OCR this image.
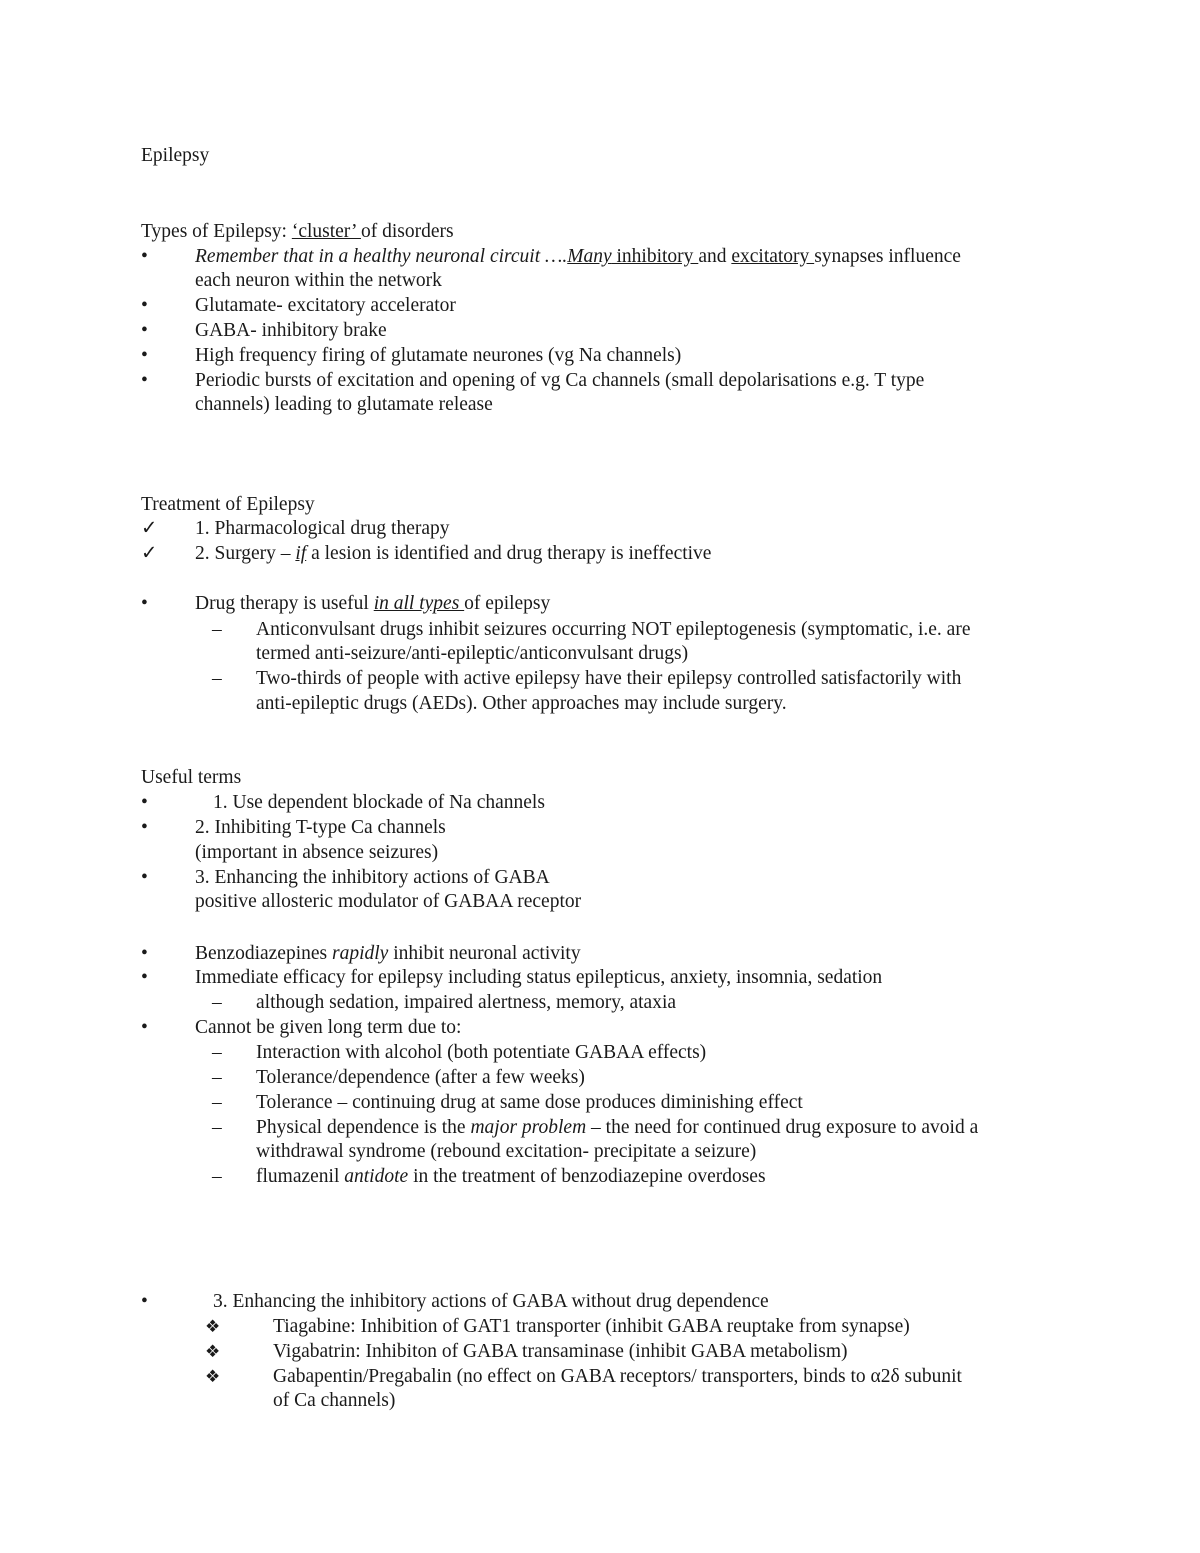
Epilepsy
Types of Epilepsy: ‘cluster’ of disorders
• Remember that in a healthy neuronal circuit ….Many inhibitory and excitatory synapses influence
each neuron within the network
• Glutamate- excitatory accelerator
• GABA- inhibitory brake
• High frequency firing of glutamate neurones (vg Na channels)
• Periodic bursts of excitation and opening of vg Ca channels (small depolarisations e.g. T type
channels) leading to glutamate release
Treatment of Epilepsy
✓ 1. Pharmacological drug therapy
✓ 2. Surgery – if a lesion is identified and drug therapy is ineffective
• Drug therapy is useful in all types of epilepsy
– Anticonvulsant drugs inhibit seizures occurring NOT epileptogenesis (symptomatic, i.e. are
termed anti-seizure/anti-epileptic/anticonvulsant drugs)
– Two-thirds of people with active epilepsy have their epilepsy controlled satisfactorily with
anti-epileptic drugs (AEDs). Other approaches may include surgery.
Useful terms
•	1. Use dependent blockade of Na channels
• 2. Inhibiting T-type Ca channels
(important in absence seizures)
• 3. Enhancing the inhibitory actions of GABA
positive allosteric modulator of GABAA receptor
• Benzodiazepines rapidly inhibit neuronal activity
• Immediate efficacy for epilepsy including status epilepticus, anxiety, insomnia, sedation
– although sedation, impaired alertness, memory, ataxia
• Cannot be given long term due to:
– Interaction with alcohol (both potentiate GABAA effects)
– Tolerance/dependence (after a few weeks)
– Tolerance – continuing drug at same dose produces diminishing effect
– Physical dependence is the major problem – the need for continued drug exposure to avoid a
withdrawal syndrome (rebound excitation- precipitate a seizure)
– flumazenil antidote in the treatment of benzodiazepine overdoses
•	3. Enhancing the inhibitory actions of GABA without drug dependence
❖	Tiagabine: Inhibition of GAT1 transporter (inhibit GABA reuptake from synapse)
❖	Vigabatrin: Inhibiton of GABA transaminase (inhibit GABA metabolism)
❖	Gabapentin/Pregabalin (no effect on GABA receptors/ transporters, binds to α2δ subunit
of Ca channels)
